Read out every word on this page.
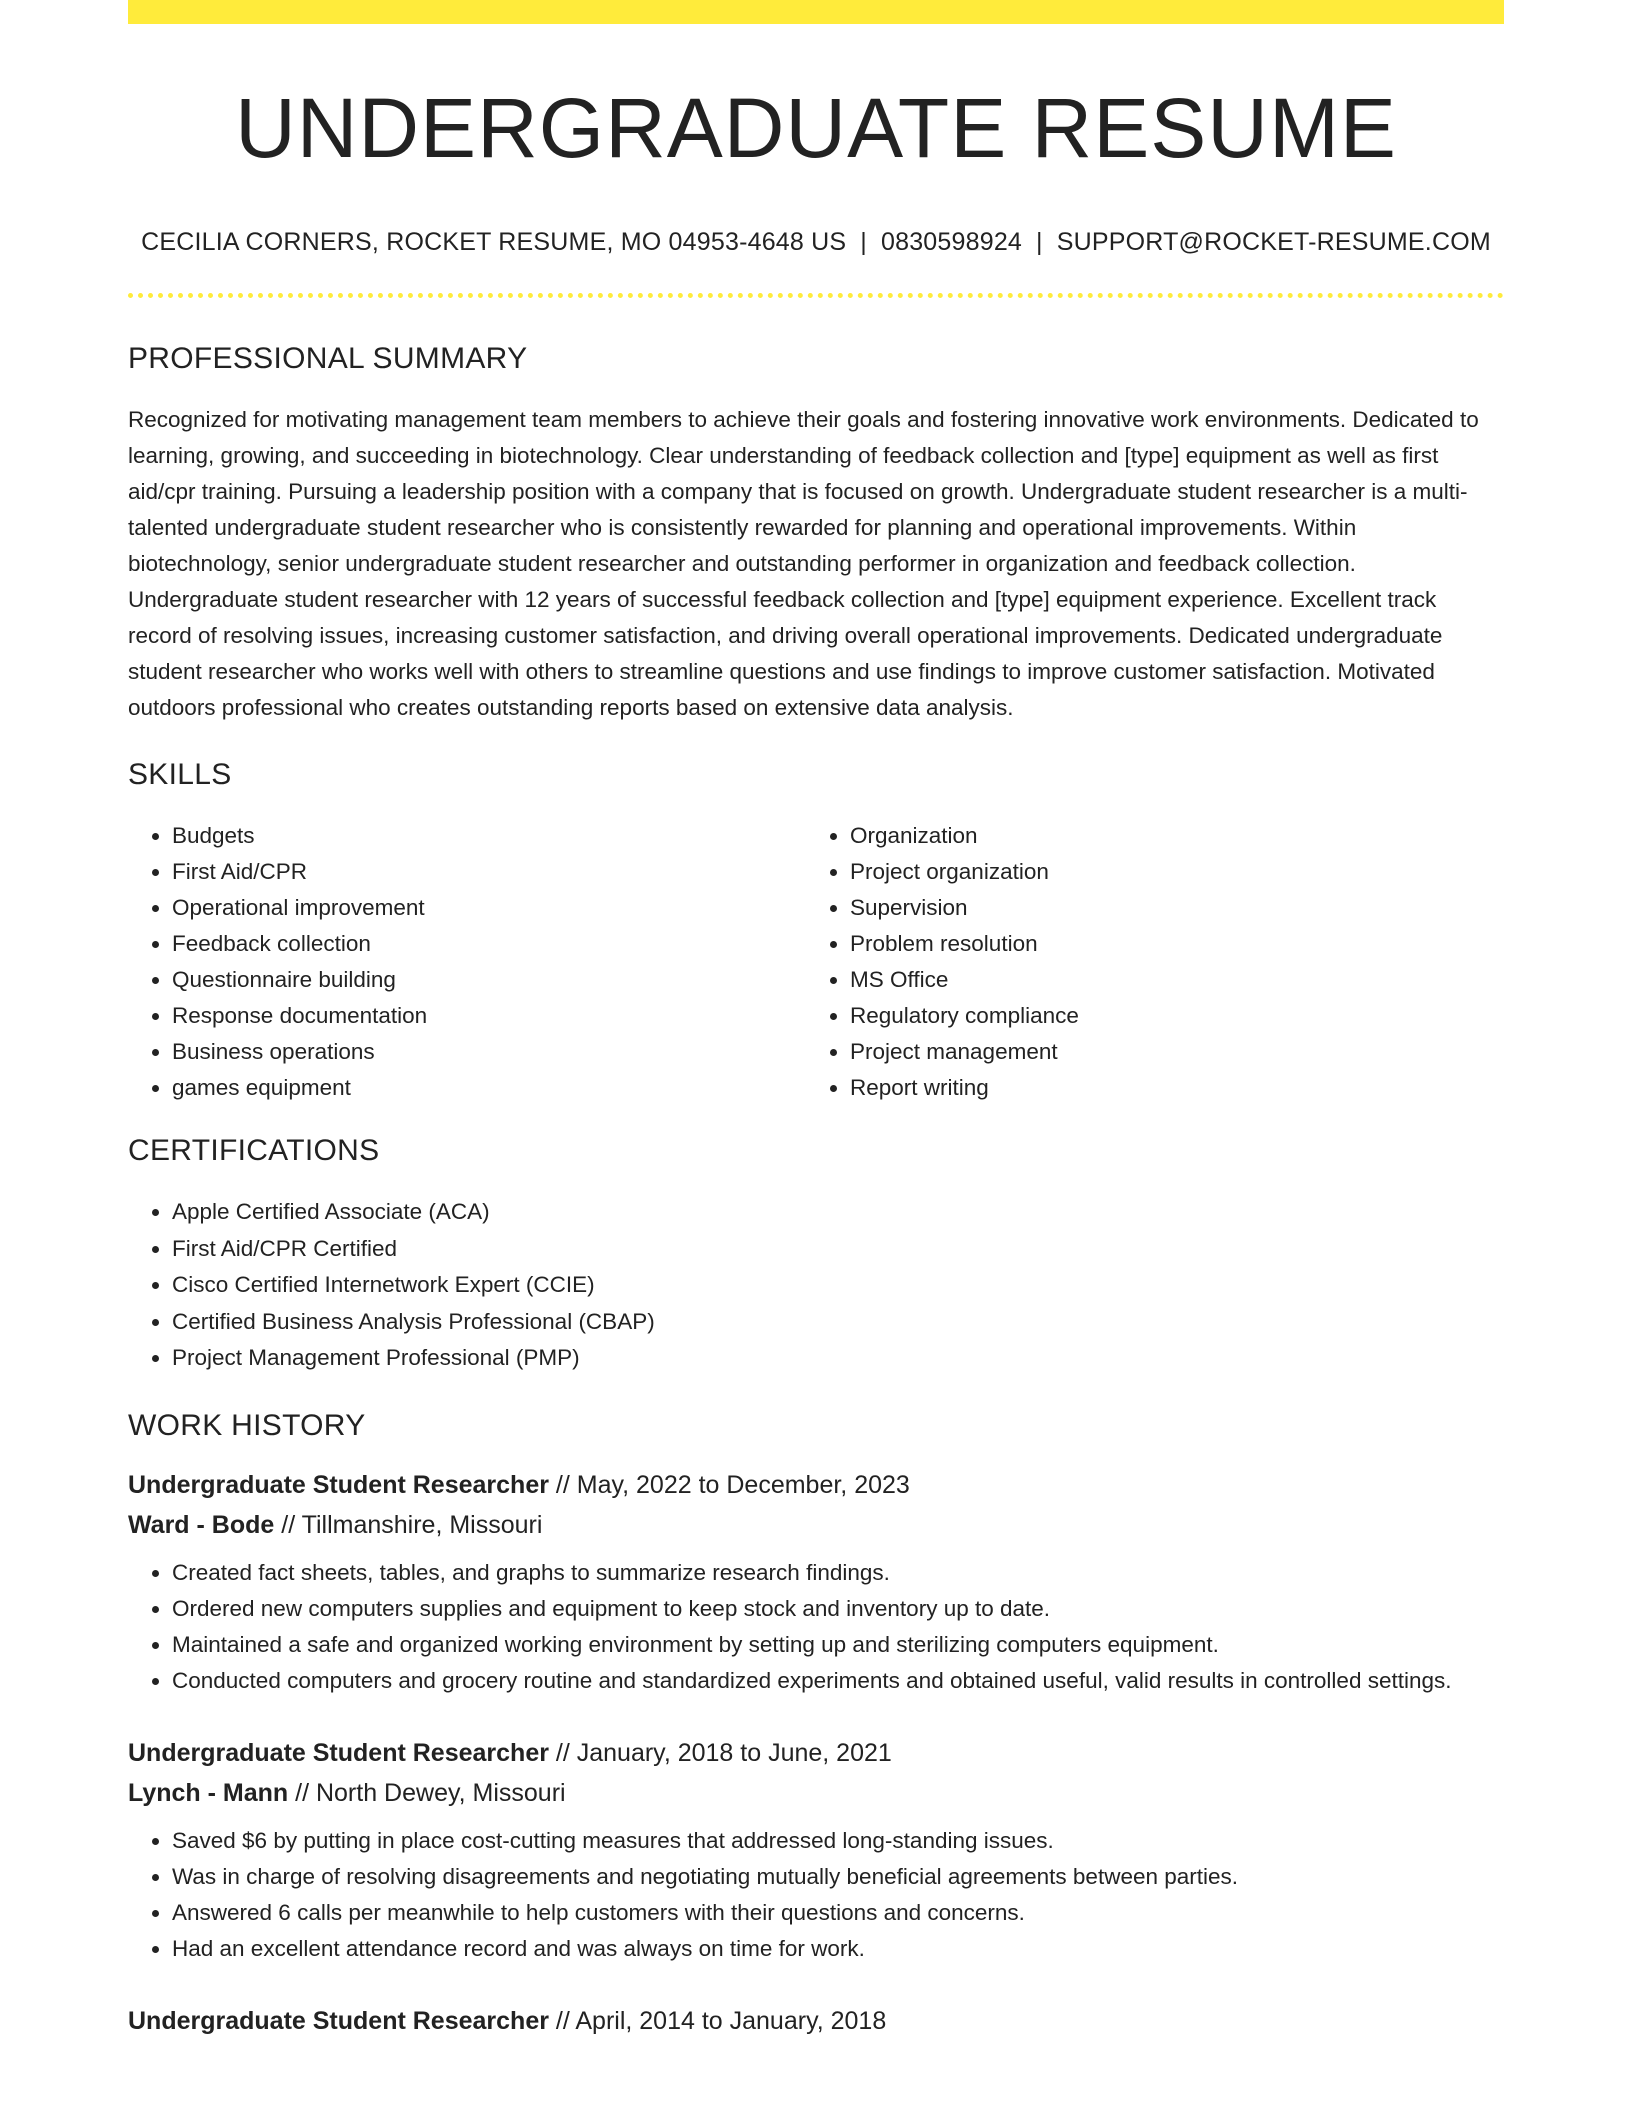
UNDERGRADUATE RESUME
CECILIA CORNERS, ROCKET RESUME, MO 04953-4648 US | 0830598924 | SUPPORT@ROCKET-RESUME.COM
PROFESSIONAL SUMMARY

Recognized for motivating management team members to achieve their goals and fostering innovative work environments. Dedicated to learning, growing, and succeeding in biotechnology. Clear understanding of feedback collection and [type] equipment as well as first aid/cpr training. Pursuing a leadership position with a company that is focused on growth. Undergraduate student researcher is a multi-talented undergraduate student researcher who is consistently rewarded for planning and operational improvements. Within biotechnology, senior undergraduate student researcher and outstanding performer in organization and feedback collection. Undergraduate student researcher with 12 years of successful feedback collection and [type] equipment experience. Excellent track record of resolving issues, increasing customer satisfaction, and driving overall operational improvements. Dedicated undergraduate student researcher who works well with others to streamline questions and use findings to improve customer satisfaction. Motivated outdoors professional who creates outstanding reports based on extensive data analysis.

SKILLS
• Budgets
• First Aid/CPR
• Operational improvement
• Feedback collection
• Questionnaire building
• Response documentation
• Business operations
• games equipment
• Organization
• Project organization
• Supervision
• Problem resolution
• MS Office
• Regulatory compliance
• Project management
• Report writing
CERTIFICATIONS
• Apple Certified Associate (ACA)
• First Aid/CPR Certified
• Cisco Certified Internetwork Expert (CCIE)
• Certified Business Analysis Professional (CBAP)
• Project Management Professional (PMP)
WORK HISTORY
Undergraduate Student Researcher // May, 2022 to December, 2023
Ward - Bode // Tillmanshire, Missouri
• Created fact sheets, tables, and graphs to summarize research findings.
• Ordered new computers supplies and equipment to keep stock and inventory up to date.
• Maintained a safe and organized working environment by setting up and sterilizing computers equipment.
• Conducted computers and grocery routine and standardized experiments and obtained useful, valid results in controlled settings.
Undergraduate Student Researcher // January, 2018 to June, 2021
Lynch - Mann // North Dewey, Missouri
• Saved $6 by putting in place cost-cutting measures that addressed long-standing issues.
• Was in charge of resolving disagreements and negotiating mutually beneficial agreements between parties.
• Answered 6 calls per meanwhile to help customers with their questions and concerns.
• Had an excellent attendance record and was always on time for work.
Undergraduate Student Researcher // April, 2014 to January, 2018
